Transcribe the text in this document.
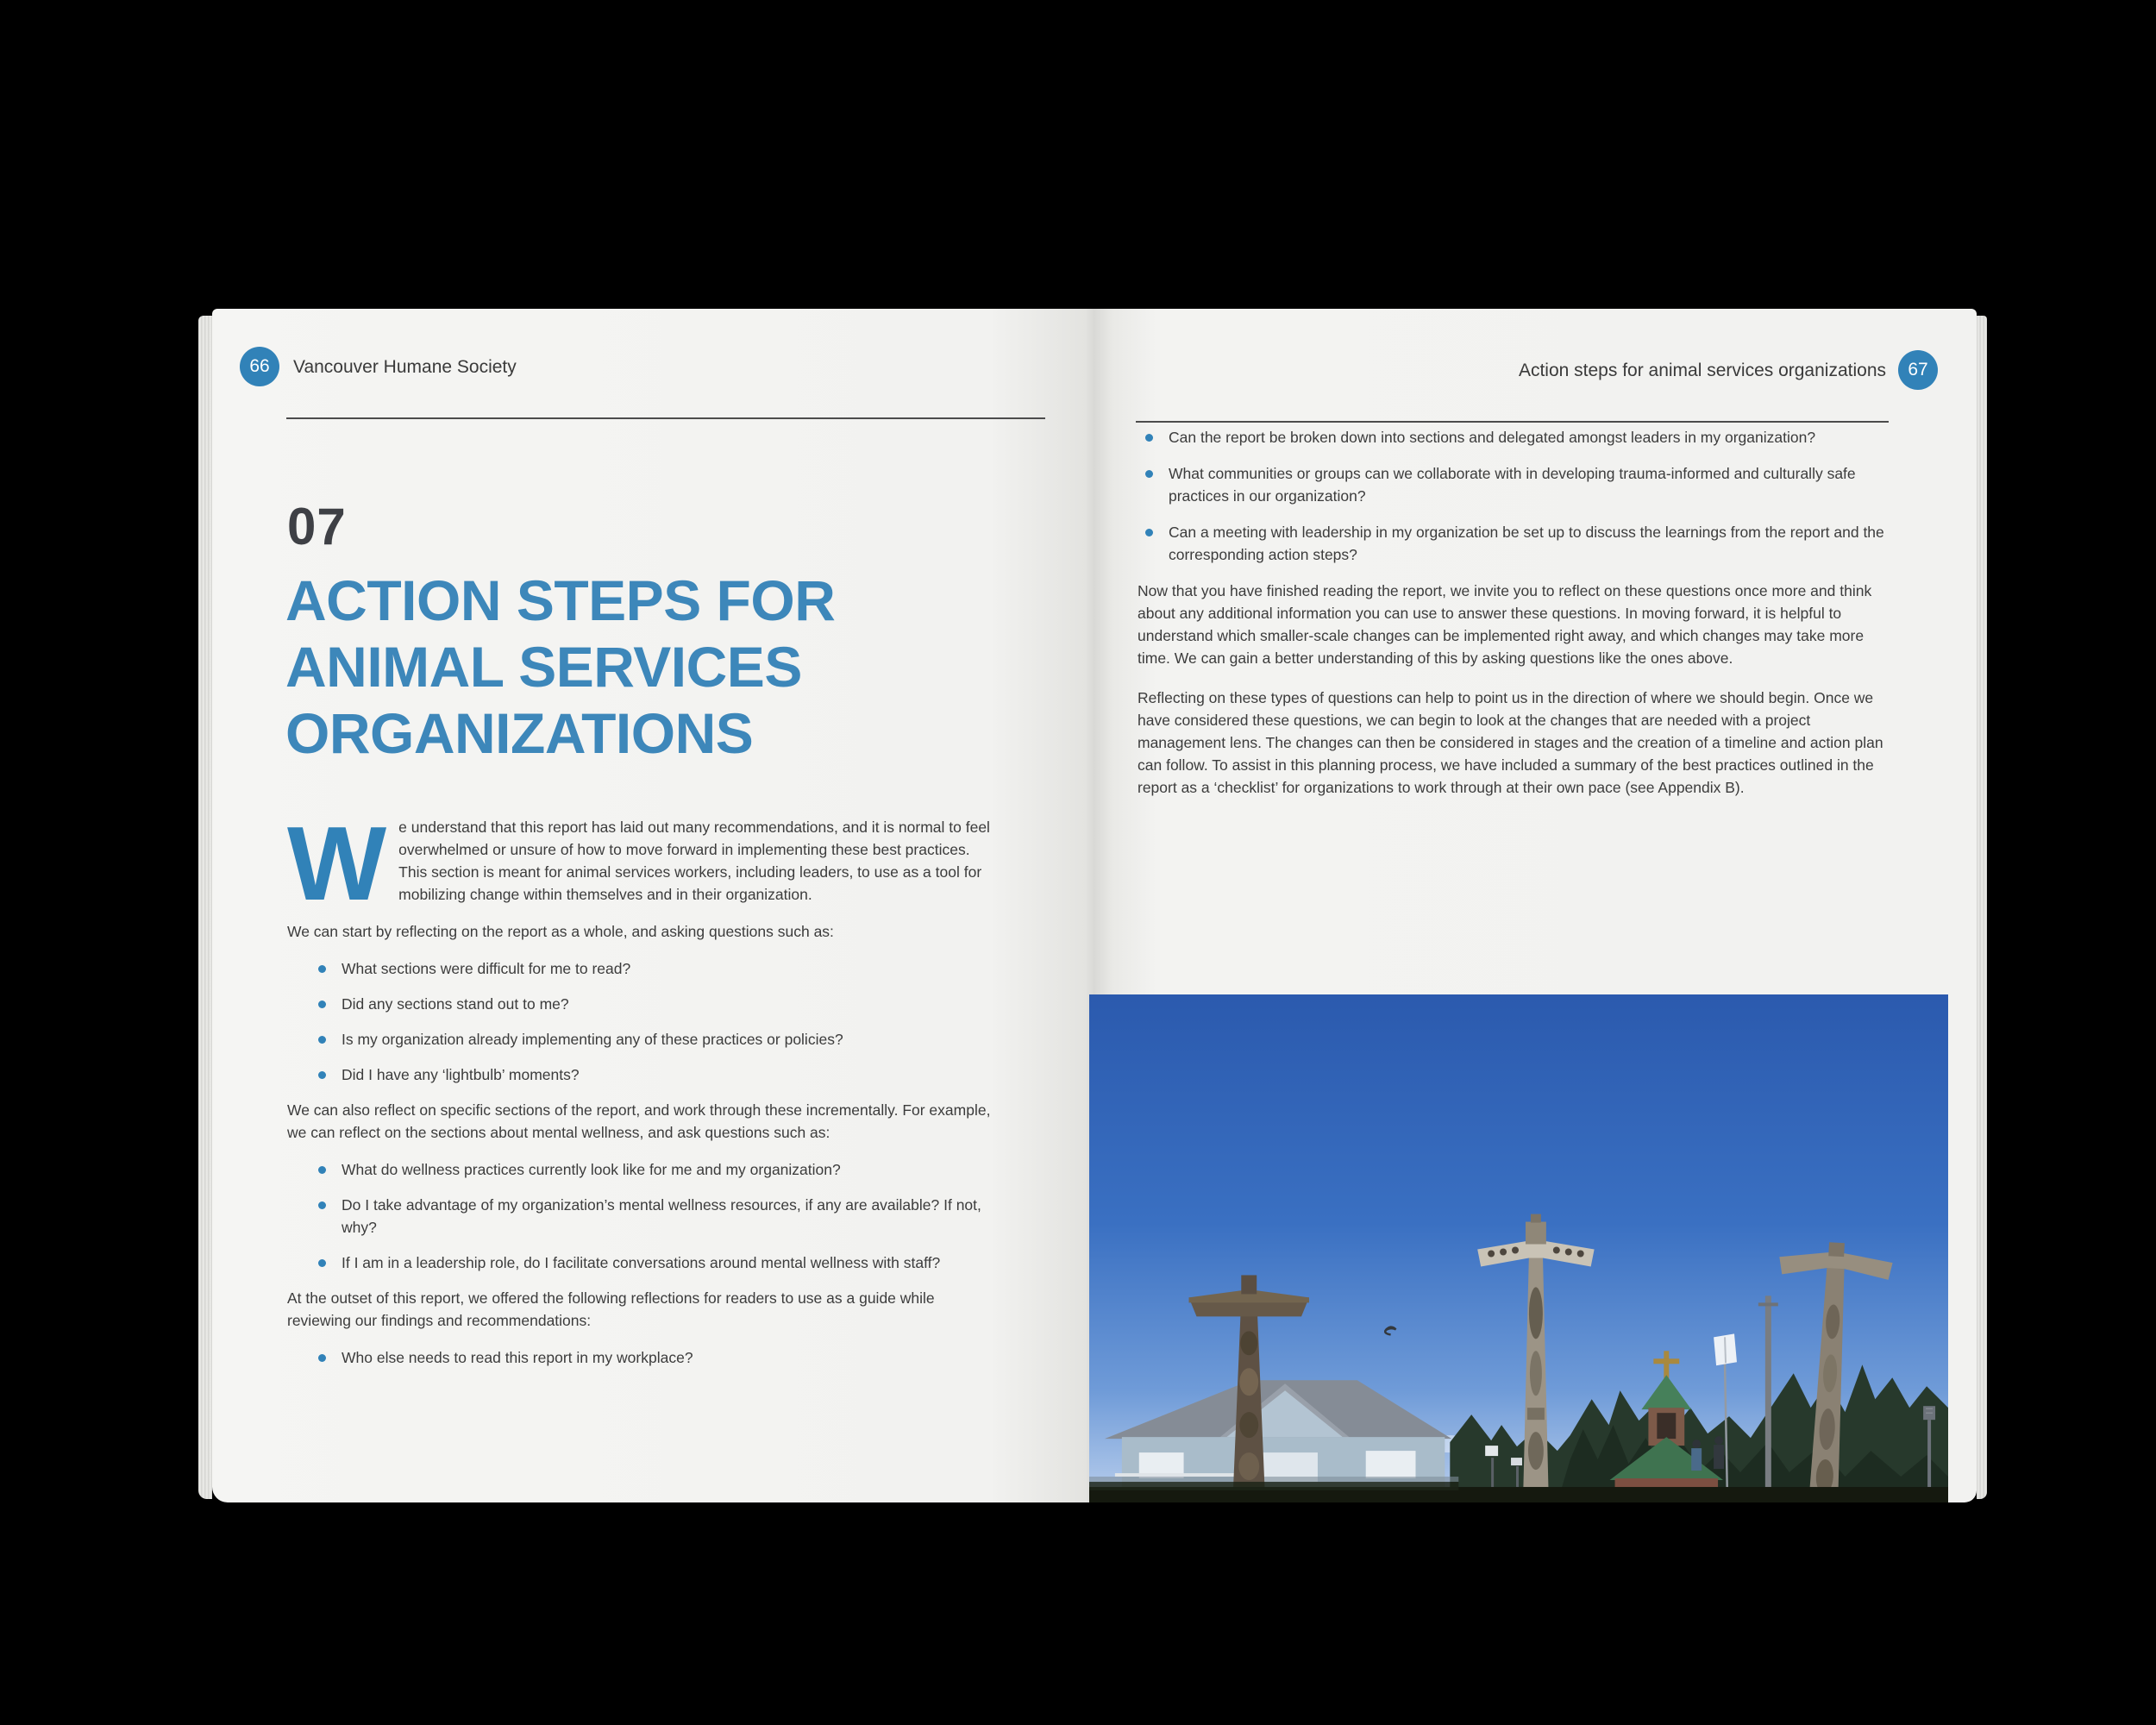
66 Vancouver Humane Society
07
ACTION STEPS FOR
ANIMAL SERVICES
ORGANIZATIONS

We understand that this report has laid out many recommendations, and it is normal to feel overwhelmed or unsure of how to move forward in implementing these best practices. This section is meant for animal services workers, including leaders, to use as a tool for mobilizing change within themselves and in their organization.

We can start by reflecting on the report as a whole, and asking questions such as:

What sections were difficult for me to read?
Did any sections stand out to me?
Is my organization already implementing any of these practices or policies?
Did I have any ‘lightbulb’ moments?

We can also reflect on specific sections of the report, and work through these incrementally. For example, we can reflect on the sections about mental wellness, and ask questions such as:

What do wellness practices currently look like for me and my organization?
Do I take advantage of my organization’s mental wellness resources, if any are available? If not, why?
If I am in a leadership role, do I facilitate conversations around mental wellness with staff?

At the outset of this report, we offered the following reflections for readers to use as a guide while reviewing our findings and recommendations:

Who else needs to read this report in my workplace?
Action steps for animal services organizations 67
Can the report be broken down into sections and delegated amongst leaders in my organization?
What communities or groups can we collaborate with in developing trauma-informed and culturally safe practices in our organization?
Can a meeting with leadership in my organization be set up to discuss the learnings from the report and the corresponding action steps?

Now that you have finished reading the report, we invite you to reflect on these questions once more and think about any additional information you can use to answer these questions. In moving forward, it is helpful to understand which smaller-scale changes can be implemented right away, and which changes may take more time. We can gain a better understanding of this by asking questions like the ones above.

Reflecting on these types of questions can help to point us in the direction of where we should begin. Once we have considered these questions, we can begin to look at the changes that are needed with a project management lens. The changes can then be considered in stages and the creation of a timeline and action plan can follow. To assist in this planning process, we have included a summary of the best practices outlined in the report as a ‘checklist’ for organizations to work through at their own pace (see Appendix B).
